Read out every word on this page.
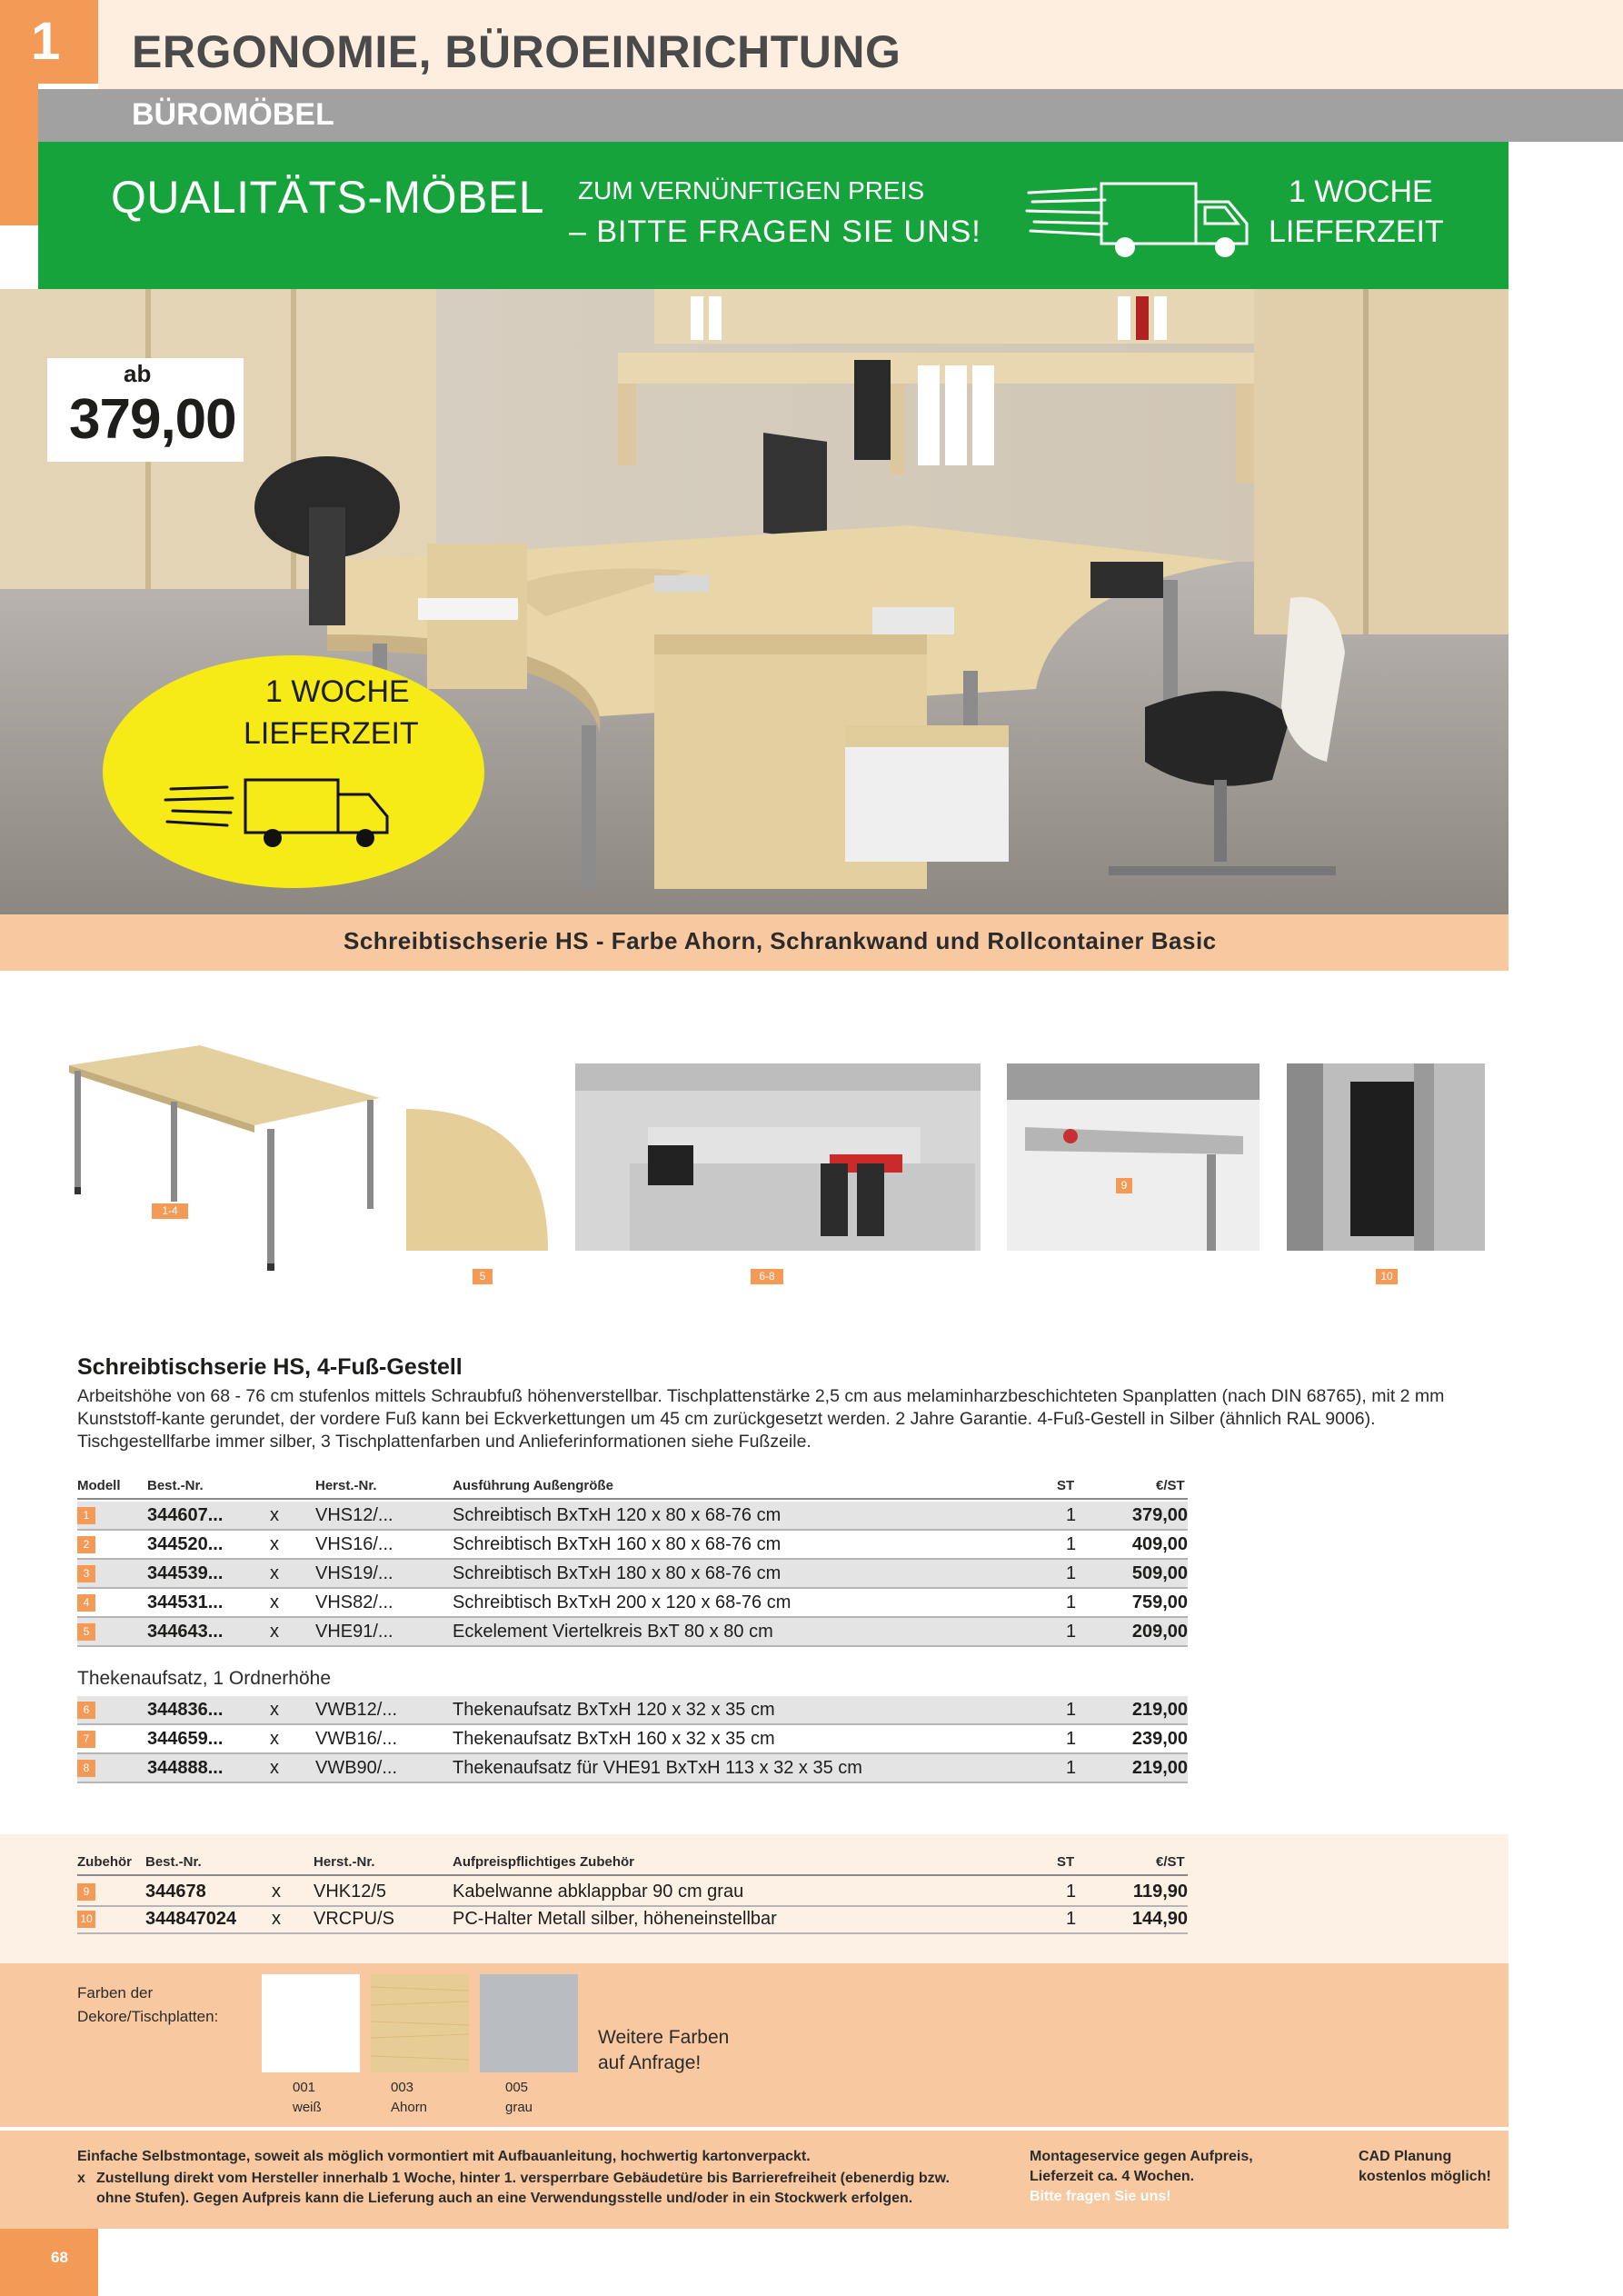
1 ERGONOMIE, BÜROEINRICHTUNG
BÜROMÖBEL
QUALITÄTS-MÖBEL ZUM VERNÜNFTIGEN PREIS
– BITTE FRAGEN SIE UNS!
1 WOCHE
LIEFERZEIT
ab
379,00
1 WOCHE
LIEFERZEIT
Schreibtischserie HS - Farbe Ahorn, Schrankwand und Rollcontainer Basic
1-4
5	6-8
9
10
Schreibtischserie HS, 4-Fuß-Gestell
Arbeitshöhe von 68 - 76 cm stufenlos mittels Schraubfuß höhenverstellbar. Tischplattenstärke 2,5 cm aus melaminharzbeschichteten Spanplatten (nach DIN 68765), mit 2 mm Kunststoff-kante gerundet, der vordere Fuß kann bei Eckverkettungen um 45 cm zurückgesetzt werden. 2 Jahre Garantie. 4-Fuß-Gestell in Silber (ähnlich RAL 9006). Tischgestellfarbe immer silber, 3 Tischplattenfarben und Anlieferinformationen siehe Fußzeile.
Modell Best.-Nr.	Herst.-Nr.	Ausführung Außengröße	ST	€/ST
1	344607...	x VHS12/...	Schreibtisch BxTxH 120 x 80 x 68-76 cm	1	379,00
2	344520...	x VHS16/...	Schreibtisch BxTxH 160 x 80 x 68-76 cm	1	409,00
3	344539...	x VHS19/...	Schreibtisch BxTxH 180 x 80 x 68-76 cm	1	509,00
4	344531...	x VHS82/...	Schreibtisch BxTxH 200 x 120 x 68-76 cm	1	759,00
5	344643...	x VHE91/...	Eckelement Viertelkreis BxT 80 x 80 cm	1	209,00
Thekenaufsatz, 1 Ordnerhöhe
6	344836...	x VWB12/...	Thekenaufsatz BxTxH 120 x 32 x 35 cm	1	219,00
7	344659...	x VWB16/...	Thekenaufsatz BxTxH 160 x 32 x 35 cm	1	239,00
8	344888...	x VWB90/...	Thekenaufsatz für VHE91 BxTxH 113 x 32 x 35 cm	1	219,00
Zubehör Best.-Nr.	Herst.-Nr.	Aufpreispflichtiges Zubehör	ST	€/ST
9	344678	x VHK12/5	Kabelwanne abklappbar 90 cm grau	1	119,90
10	344847024 x VRCPU/S	PC-Halter Metall silber, höheneinstellbar	1	144,90
Farben der
Dekore/Tischplatten:
001
weiß
003
Ahorn
005
grau
Weitere Farben
auf Anfrage!
Einfache Selbstmontage, soweit als möglich vormontiert mit Aufbauanleitung, hochwertig kartonverpackt.
x Zustellung direkt vom Hersteller innerhalb 1 Woche, hinter 1. versperrbare Gebäudetüre bis Barrierefreiheit (ebenerdig bzw.
ohne Stufen). Gegen Aufpreis kann die Lieferung auch an eine Verwendungsstelle und/oder in ein Stockwerk erfolgen.
Montageservice gegen Aufpreis,
Lieferzeit ca. 4 Wochen.
Bitte fragen Sie uns!
CAD Planung
kostenlos möglich!
68
